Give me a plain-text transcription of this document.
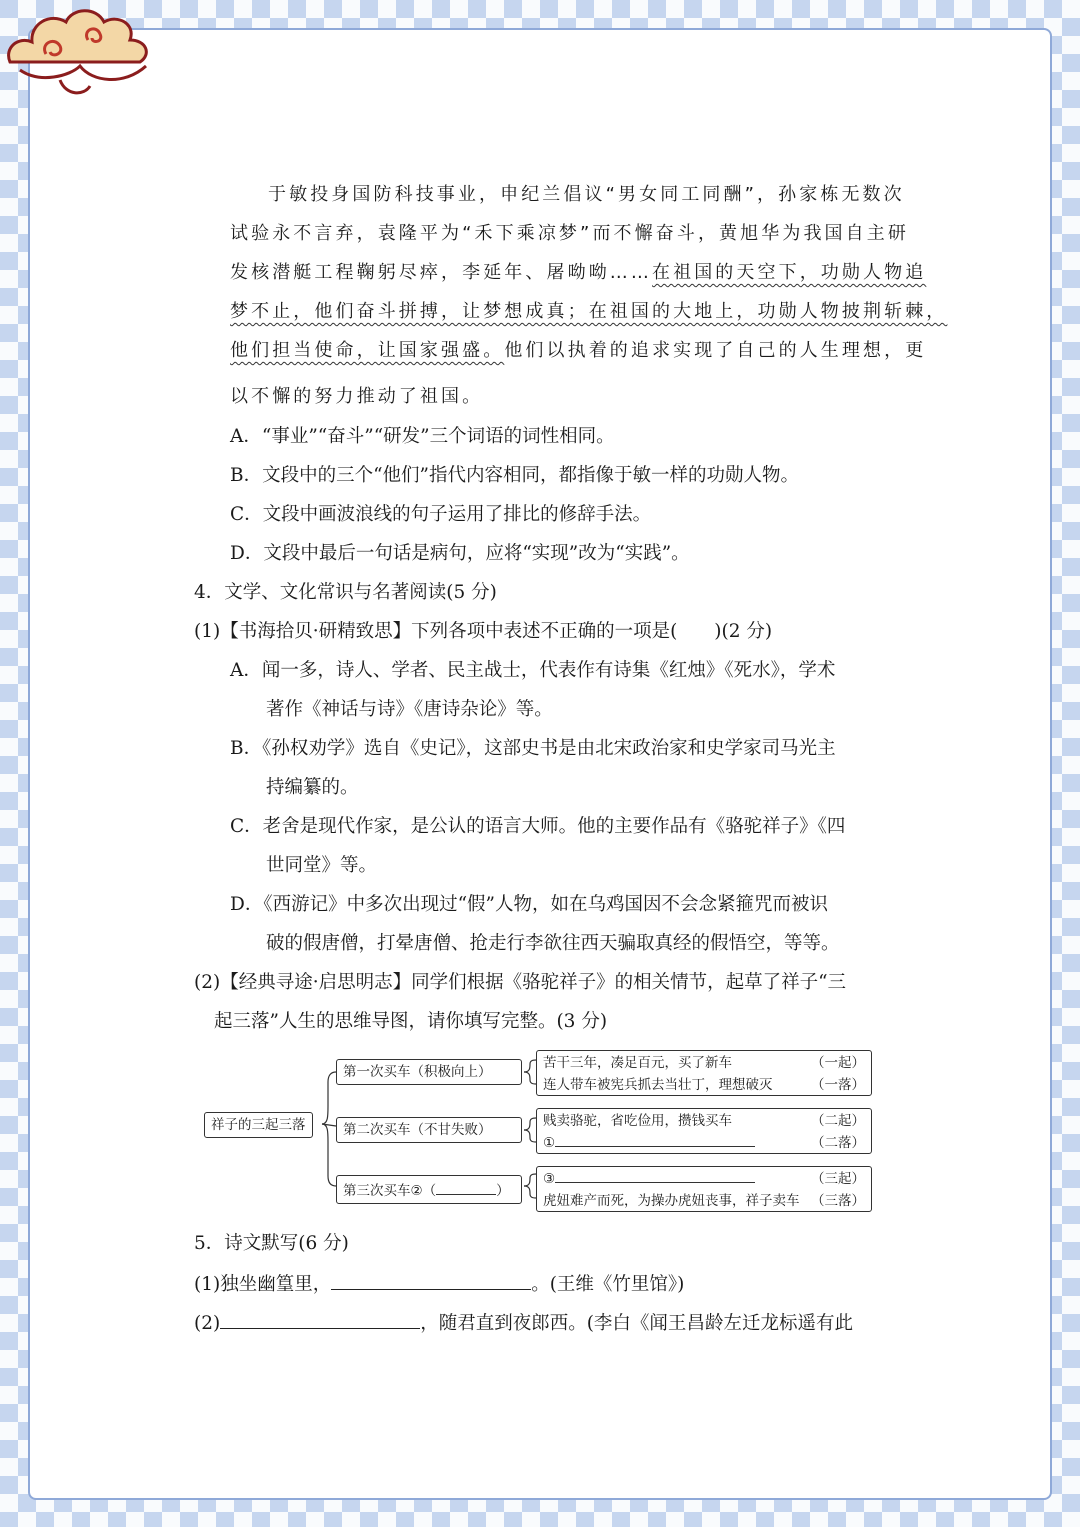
于敏投身国防科技事业，申纪兰倡议“男女同工同酬”，孙家栋无数次
试验永不言弃，袁隆平为“禾下乘凉梦”而不懈奋斗，黄旭华为我国自主研
发核潜艇工程鞠躬尽瘁，李延年、屠呦呦……在祖国的天空下，功勋人物追
梦不止，他们奋斗拼搏，让梦想成真；在祖国的大地上，功勋人物披荆斩棘，
他们担当使命，让国家强盛。他们以执着的追求实现了自己的人生理想，更
以不懈的努力推动了祖国。
A．“事业”“奋斗”“研发”三个词语的词性相同。
B．文段中的三个“他们”指代内容相同，都指像于敏一样的功勋人物。
C．文段中画波浪线的句子运用了排比的修辞手法。
D．文段中最后一句话是病句，应将“实现”改为“实践”。
4．文学、文化常识与名著阅读(5 分)
(1)【书海拾贝·研精致思】下列各项中表述不正确的一项是(　　)(2 分)
A．闻一多，诗人、学者、民主战士，代表作有诗集《红烛》《死水》，学术
著作《神话与诗》《唐诗杂论》等。
B．《孙权劝学》选自《史记》，这部史书是由北宋政治家和史学家司马光主
持编纂的。
C．老舍是现代作家，是公认的语言大师。他的主要作品有《骆驼祥子》《四
世同堂》等。
D．《西游记》中多次出现过“假”人物，如在乌鸡国因不会念紧箍咒而被识
破的假唐僧，打晕唐僧、抢走行李欲往西天骗取真经的假悟空，等等。
(2)【经典寻途·启思明志】同学们根据《骆驼祥子》的相关情节，起草了祥子“三
起三落”人生的思维导图，请你填写完整。(3 分)
祥子的三起三落
第一次买车（积极向上）
第二次买车（不甘失败）
第三次买车②（	）
苦干三年，凑足百元，买了新车	（一起）
连人带车被宪兵抓去当壮丁，理想破灭	（一落）
贱卖骆驼，省吃俭用，攒钱买车	（二起）
①	（二落）
③	（三起）
虎妞难产而死，为操办虎妞丧事，祥子卖车 （三落）
5．诗文默写(6 分)
(1)独坐幽篁里，	。(王维《竹里馆》)
(2)	，随君直到夜郎西。(李白《闻王昌龄左迁龙标遥有此
